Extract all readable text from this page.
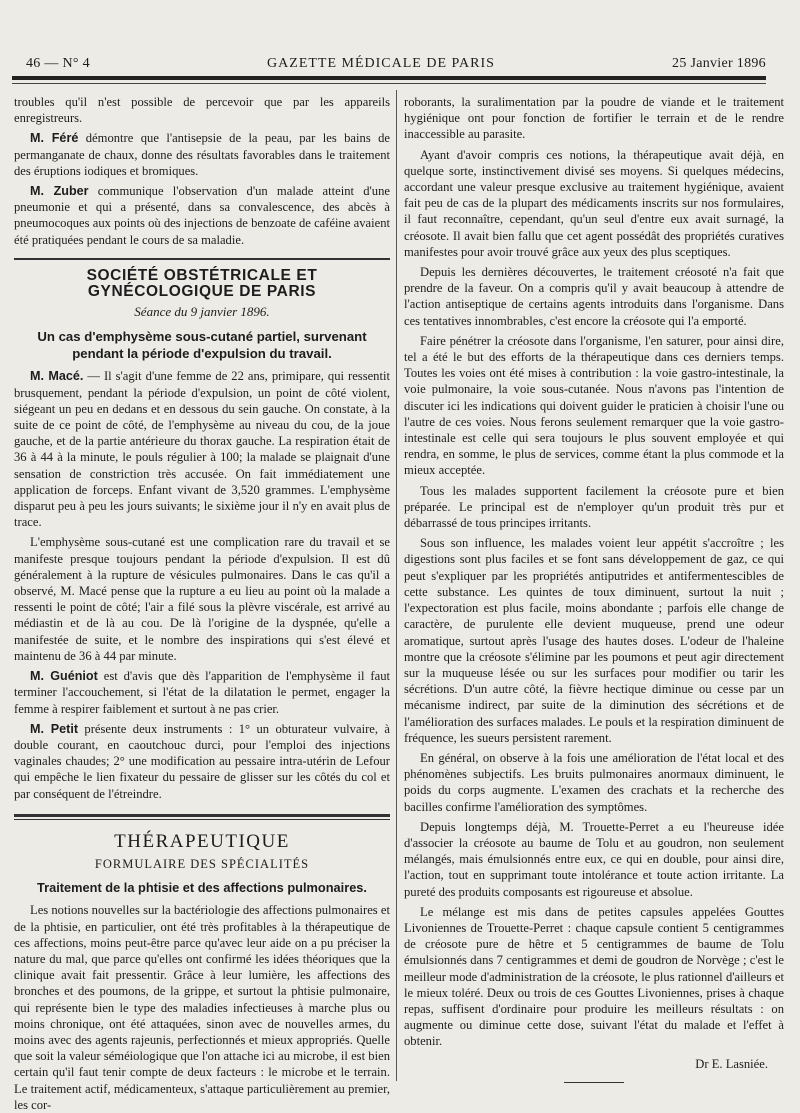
46 — N° 4	GAZETTE MÉDICALE DE PARIS	25 Janvier 1896

troubles qu'il n'est possible de percevoir que par les appareils enregistreurs.

M. Féré démontre que l'antisepsie de la peau, par les bains de permanganate de chaux, donne des résultats favorables dans le traitement des éruptions iodiques et bromiques.

M. Zuber communique l'observation d'un malade atteint d'une pneumonie et qui a présenté, dans sa convalescence, des abcès à pneumocoques aux points où des injections de benzoate de caféine avaient été pratiquées pendant le cours de sa maladie.

SOCIÉTÉ OBSTÉTRICALE ET GYNÉCOLOGIQUE DE PARIS
Séance du 9 janvier 1896.
Un cas d'emphysème sous-cutané partiel, survenant pendant la période d'expulsion du travail.

M. Macé. — Il s'agit d'une femme de 22 ans, primipare, qui ressentit brusquement, pendant la période d'expulsion, un point de côté violent, siégeant un peu en dedans et en dessous du sein gauche. On constate, à la suite de ce point de côté, de l'emphysème au niveau du cou, de la joue gauche, et de la partie antérieure du thorax gauche. La respiration était de 36 à 44 à la minute, le pouls régulier à 100; la malade se plaignait d'une sensation de constriction très accusée. On fait immédiatement une application de forceps. Enfant vivant de 3,520 grammes. L'emphysème disparut peu à peu les jours suivants; le sixième jour il n'y en avait plus de trace.

L'emphysème sous-cutané est une complication rare du travail et se manifeste presque toujours pendant la période d'expulsion. Il est dû généralement à la rupture de vésicules pulmonaires. Dans le cas qu'il a observé, M. Macé pense que la rupture a eu lieu au point où la malade a ressenti le point de côté; l'air a filé sous la plèvre viscérale, est arrivé au médiastin et de là au cou. De là l'origine de la dyspnée, qu'elle a manifestée de suite, et le nombre des inspirations qui s'est élevé et maintenu de 36 à 44 par minute.

M. Guéniot est d'avis que dès l'apparition de l'emphysème il faut terminer l'accouchement, si l'état de la dilatation le permet, engager la femme à respirer faiblement et surtout à ne pas crier.

M. Petit présente deux instruments : 1° un obturateur vulvaire, à double courant, en caoutchouc durci, pour l'emploi des injections vaginales chaudes; 2° une modification au pessaire intra-utérin de Lefour qui empêche le lien fixateur du pessaire de glisser sur les côtés du col et par conséquent de l'étreindre.

THÉRAPEUTIQUE
FORMULAIRE DES SPÉCIALITÉS
Traitement de la phtisie et des affections pulmonaires.

Les notions nouvelles sur la bactériologie des affections pulmonaires et de la phtisie, en particulier, ont été très profitables à la thérapeutique de ces affections, moins peut-être parce qu'avec leur aide on a pu préciser la nature du mal, que parce qu'elles ont confirmé les idées théoriques que la clinique avait fait pressentir. Grâce à leur lumière, les affections des bronches et des poumons, de la grippe, et surtout la phtisie pulmonaire, qui représente bien le type des maladies infectieuses à marche plus ou moins chronique, ont été attaquées, sinon avec de nouvelles armes, du moins avec des agents rajeunis, perfectionnés et mieux appropriés. Quelle que soit la valeur séméiologique que l'on attache ici au microbe, il est bien certain qu'il faut tenir compte de deux facteurs : le microbe et le terrain. Le traitement actif, médicamenteux, s'attaque particulièrement au premier, les cor-

roborants, la suralimentation par la poudre de viande et le traitement hygiénique ont pour fonction de fortifier le terrain et de le rendre inaccessible au parasite.

Ayant d'avoir compris ces notions, la thérapeutique avait déjà, en quelque sorte, instinctivement divisé ses moyens. Si quelques médecins, accordant une valeur presque exclusive au traitement hygiénique, avaient fait peu de cas de la plupart des médicaments inscrits sur nos formulaires, il faut reconnaître, cependant, qu'un seul d'entre eux avait surnagé, la créosote. Il avait bien fallu que cet agent possédât des propriétés curatives manifestes pour avoir trouvé grâce aux yeux des plus sceptiques.

Depuis les dernières découvertes, le traitement créosoté n'a fait que prendre de la faveur. On a compris qu'il y avait beaucoup à attendre de l'action antiseptique de certains agents introduits dans l'organisme. Dans ces tentatives innombrables, c'est encore la créosote qui l'a emporté.

Faire pénétrer la créosote dans l'organisme, l'en saturer, pour ainsi dire, tel a été le but des efforts de la thérapeutique dans ces derniers temps. Toutes les voies ont été mises à contribution : la voie gastro-intestinale, la voie pulmonaire, la voie sous-cutanée. Nous n'avons pas l'intention de discuter ici les indications qui doivent guider le praticien à choisir l'une ou l'autre de ces voies. Nous ferons seulement remarquer que la voie gastro-intestinale est celle qui sera toujours le plus souvent employée et qui rendra, en somme, le plus de services, comme étant la plus commode et la mieux acceptée.

Tous les malades supportent facilement la créosote pure et bien préparée. Le principal est de n'employer qu'un produit très pur et débarrassé de tous principes irritants.

Sous son influence, les malades voient leur appétit s'accroître ; les digestions sont plus faciles et se font sans développement de gaz, ce qui peut s'expliquer par les propriétés antiputrides et antifermentescibles de cette substance. Les quintes de toux diminuent, surtout la nuit ; l'expectoration est plus facile, moins abondante ; parfois elle change de caractère, de purulente elle devient muqueuse, prend une odeur aromatique, surtout après l'usage des hautes doses. L'odeur de l'haleine montre que la créosote s'élimine par les poumons et peut agir directement sur la muqueuse lésée ou sur les surfaces pour modifier ou tarir les sécrétions. D'un autre côté, la fièvre hectique diminue ou cesse par un mécanisme indirect, par suite de la diminution des sécrétions et de l'amélioration des surfaces malades. Le pouls et la respiration diminuent de fréquence, les sueurs persistent rarement.

En général, on observe à la fois une amélioration de l'état local et des phénomènes subjectifs. Les bruits pulmonaires anormaux diminuent, le poids du corps augmente. L'examen des crachats et la recherche des bacilles confirme l'amélioration des symptômes.

Depuis longtemps déjà, M. Trouette-Perret a eu l'heureuse idée d'associer la créosote au baume de Tolu et au goudron, non seulement mélangés, mais émulsionnés entre eux, ce qui en double, pour ainsi dire, l'action, tout en supprimant toute intolérance et toute action irritante. La pureté des produits composants est rigoureuse et absolue.

Le mélange est mis dans de petites capsules appelées Gouttes Livoniennes de Trouette-Perret : chaque capsule contient 5 centigrammes de créosote pure de hêtre et 5 centigrammes de baume de Tolu émulsionnés dans 7 centigrammes et demi de goudron de Norvège ; c'est le meilleur mode d'administration de la créosote, le plus rationnel d'ailleurs et le mieux toléré. Deux ou trois de ces Gouttes Livoniennes, prises à chaque repas, suffisent d'ordinaire pour produire les meilleurs résultats : on augmente ou diminue cette dose, suivant l'état du malade et l'effet à obtenir.

Dr E. Lasniée.
